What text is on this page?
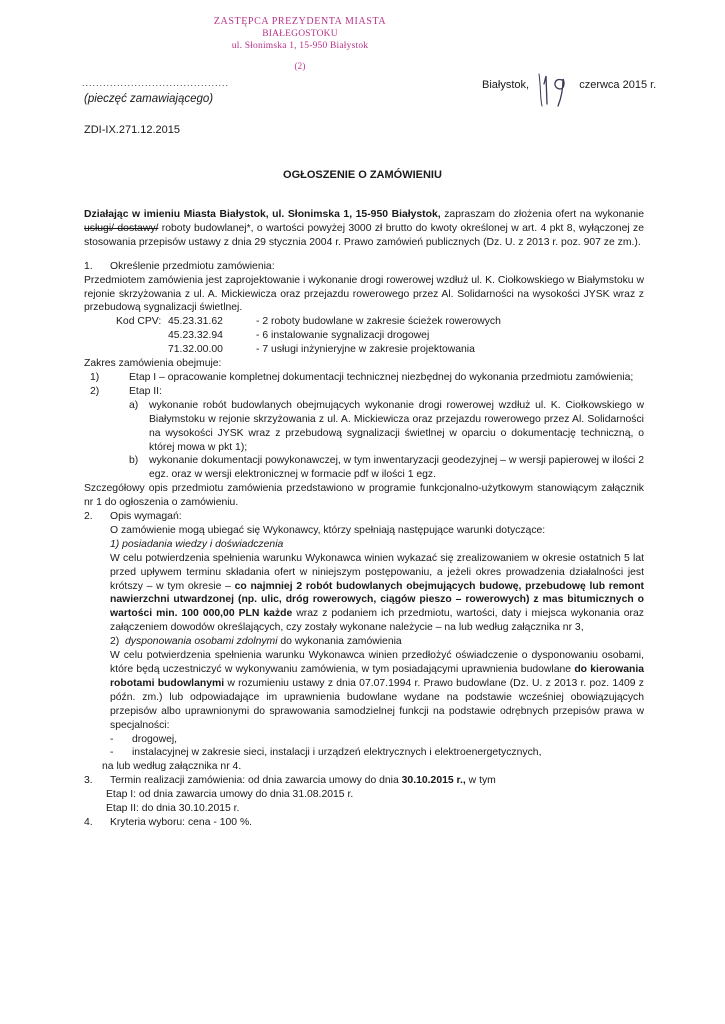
ZASTĘPCA PREZYDENTA MIASTA
BIAŁEGOSTOKU
ul. Słonimska 1, 15-950 Białystok
(2)
..........................................
(pieczęć zamawiającego)
Białystok,	czerwca 2015 r.
ZDI-IX.271.12.2015
OGŁOSZENIE O ZAMÓWIENIU

Działając w imieniu Miasta Białystok, ul. Słonimska 1, 15-950 Białystok, zapraszam do złożenia ofert na wykonanie usługi/ dostawy/ roboty budowlanej*, o wartości powyżej 3000 zł brutto do kwoty określonej w art. 4 pkt 8, wyłączonej ze stosowania przepisów ustawy z dnia 29 stycznia 2004 r. Prawo zamówień publicznych (Dz. U. z 2013 r. poz. 907 ze zm.).

1. Określenie przedmiotu zamówienia:

Przedmiotem zamówienia jest zaprojektowanie i wykonanie drogi rowerowej wzdłuż ul. K. Ciołkowskiego w Białymstoku w rejonie skrzyżowania z ul. A. Mickiewicza oraz przejazdu rowerowego przez Al. Solidarności na wysokości JYSK wraz z przebudową sygnalizacji świetlnej.

Kod CPV: 45.23.31.62	- 2 roboty budowlane w zakresie ścieżek rowerowych
45.23.32.94	- 6 instalowanie sygnalizacji drogowej
71.32.00.00	- 7 usługi inżynieryjne w zakresie projektowania

Zakres zamówienia obejmuje:

1)	Etap I – opracowanie kompletnej dokumentacji technicznej niezbędnej do wykonania przedmiotu zamówienia;
2)	Etap II:
a)	wykonanie robót budowlanych obejmujących wykonanie drogi rowerowej wzdłuż ul. K. Ciołkowskiego w Białymstoku w rejonie skrzyżowania z ul. A. Mickiewicza oraz przejazdu rowerowego przez Al. Solidarności na wysokości JYSK wraz z przebudową sygnalizacji świetlnej w oparciu o dokumentację techniczną, o której mowa w pkt 1);
b)	wykonanie dokumentacji powykonawczej, w tym inwentaryzacji geodezyjnej – w wersji papierowej w ilości 2 egz. oraz w wersji elektronicznej w formacie pdf w ilości 1 egz.

Szczegółowy opis przedmiotu zamówienia przedstawiono w programie funkcjonalno-użytkowym stanowiącym załącznik nr 1 do ogłoszenia o zamówieniu.

2. Opis wymagań:

O zamówienie mogą ubiegać się Wykonawcy, którzy spełniają następujące warunki dotyczące:

1) posiadania wiedzy i doświadczenia

W celu potwierdzenia spełnienia warunku Wykonawca winien wykazać się zrealizowaniem w okresie ostatnich 5 lat przed upływem terminu składania ofert w niniejszym postępowaniu, a jeżeli okres prowadzenia działalności jest krótszy – w tym okresie – co najmniej 2 robót budowlanych obejmujących budowę, przebudowę lub remont nawierzchni utwardzonej (np. ulic, dróg rowerowych, ciągów pieszo – rowerowych) z mas bitumicznych o wartości min. 100 000,00 PLN każde wraz z podaniem ich przedmiotu, wartości, daty i miejsca wykonania oraz załączeniem dowodów określających, czy zostały wykonane należycie – na lub według załącznika nr 3,

2) dysponowania osobami zdolnymi do wykonania zamówienia

W celu potwierdzenia spełnienia warunku Wykonawca winien przedłożyć oświadczenie o dysponowaniu osobami, które będą uczestniczyć w wykonywaniu zamówienia, w tym posiadającymi uprawnienia budowlane do kierowania robotami budowlanymi w rozumieniu ustawy z dnia 07.07.1994 r. Prawo budowlane (Dz. U. z 2013 r. poz. 1409 z późn. zm.) lub odpowiadające im uprawnienia budowlane wydane na podstawie wcześniej obowiązujących przepisów albo uprawnionymi do sprawowania samodzielnej funkcji na podstawie odrębnych przepisów prawa w specjalności:

-	drogowej,
-	instalacyjnej w zakresie sieci, instalacji i urządzeń elektrycznych i elektroenergetycznych,

na lub według załącznika nr 4.

3. Termin realizacji zamówienia: od dnia zawarcia umowy do dnia 30.10.2015 r., w tym

Etap I: od dnia zawarcia umowy do dnia 31.08.2015 r.

Etap II: do dnia 30.10.2015 r.

4. Kryteria wyboru: cena - 100 %.
